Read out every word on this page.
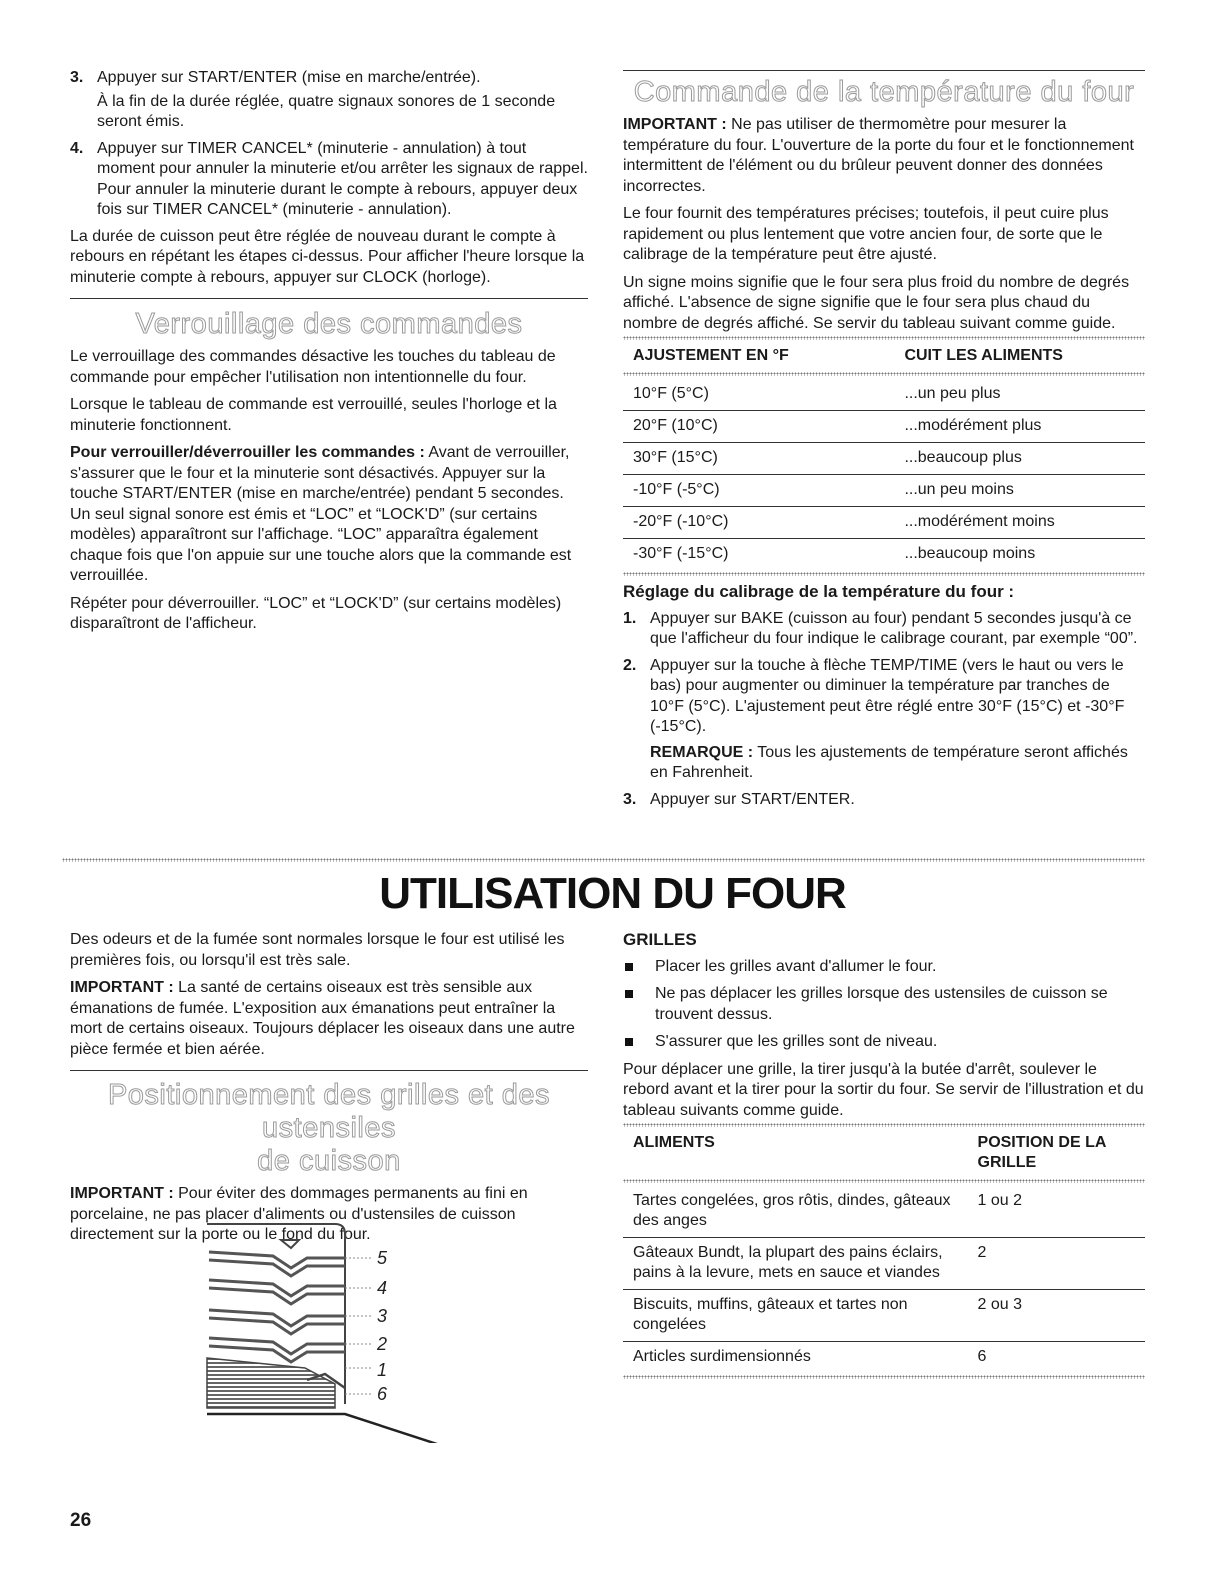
3. Appuyer sur START/ENTER (mise en marche/entrée).

À la fin de la durée réglée, quatre signaux sonores de 1 seconde seront émis.

4. Appuyer sur TIMER CANCEL* (minuterie - annulation) à tout moment pour annuler la minuterie et/ou arrêter les signaux de rappel. Pour annuler la minuterie durant le compte à rebours, appuyer deux fois sur TIMER CANCEL* (minuterie - annulation).

La durée de cuisson peut être réglée de nouveau durant le compte à rebours en répétant les étapes ci-dessus. Pour afficher l'heure lorsque la minuterie compte à rebours, appuyer sur CLOCK (horloge).

Verrouillage des commandes

Le verrouillage des commandes désactive les touches du tableau de commande pour empêcher l'utilisation non intentionnelle du four.

Lorsque le tableau de commande est verrouillé, seules l'horloge et la minuterie fonctionnent.

Pour verrouiller/déverrouiller les commandes : Avant de verrouiller, s'assurer que le four et la minuterie sont désactivés. Appuyer sur la touche START/ENTER (mise en marche/entrée) pendant 5 secondes. Un seul signal sonore est émis et “LOC” et “LOCK'D” (sur certains modèles) apparaîtront sur l'affichage. “LOC” apparaîtra également chaque fois que l'on appuie sur une touche alors que la commande est verrouillée.

Répéter pour déverrouiller. “LOC” et “LOCK'D” (sur certains modèles) disparaîtront de l'afficheur.

Commande de la température du four

IMPORTANT : Ne pas utiliser de thermomètre pour mesurer la température du four. L'ouverture de la porte du four et le fonctionnement intermittent de l'élément ou du brûleur peuvent donner des données incorrectes.

Le four fournit des températures précises; toutefois, il peut cuire plus rapidement ou plus lentement que votre ancien four, de sorte que le calibrage de la température peut être ajusté.

Un signe moins signifie que le four sera plus froid du nombre de degrés affiché. L'absence de signe signifie que le four sera plus chaud du nombre de degrés affiché. Se servir du tableau suivant comme guide.

AJUSTEMENT EN °F	CUIT LES ALIMENTS

10°F (5°C)	...un peu plus
20°F (10°C)	...modérément plus
30°F (15°C)	...beaucoup plus
-10°F (-5°C)	...un peu moins
-20°F (-10°C)	...modérément moins
-30°F (-15°C)	...beaucoup moins
Réglage du calibrage de la température du four :
1. Appuyer sur BAKE (cuisson au four) pendant 5 secondes jusqu'à ce que l'afficheur du four indique le calibrage courant, par exemple “00”.

2. Appuyer sur la touche à flèche TEMP/TIME (vers le haut ou vers le bas) pour augmenter ou diminuer la température par tranches de 10°F (5°C). L'ajustement peut être réglé entre 30°F (15°C) et -30°F (-15°C).

REMARQUE : Tous les ajustements de température seront affichés en Fahrenheit.

3. Appuyer sur START/ENTER.

UTILISATION DU FOUR

Des odeurs et de la fumée sont normales lorsque le four est utilisé les premières fois, ou lorsqu'il est très sale.

IMPORTANT : La santé de certains oiseaux est très sensible aux émanations de fumée. L'exposition aux émanations peut entraîner la mort de certains oiseaux. Toujours déplacer les oiseaux dans une autre pièce fermée et bien aérée.

Positionnement des grilles et des ustensiles
de cuisson

IMPORTANT : Pour éviter des dommages permanents au fini en porcelaine, ne pas placer d'aliments ou d'ustensiles de cuisson directement sur la porte ou le fond du four.

5
4
3
2
1
6
GRILLES
Placer les grilles avant d'allumer le four.
Ne pas déplacer les grilles lorsque des ustensiles de cuisson se trouvent dessus.
S'assurer que les grilles sont de niveau.

Pour déplacer une grille, la tirer jusqu'à la butée d'arrêt, soulever le rebord avant et la tirer pour la sortir du four. Se servir de l'illustration et du tableau suivants comme guide.

ALIMENTS	POSITION DE LA GRILLE

Tartes congelées, gros rôtis, dindes, gâteaux des anges	1 ou 2
Gâteaux Bundt, la plupart des pains éclairs, pains à la levure, mets en sauce et viandes	2
Biscuits, muffins, gâteaux et tartes non congelées	2 ou 3
Articles surdimensionnés	6
26
